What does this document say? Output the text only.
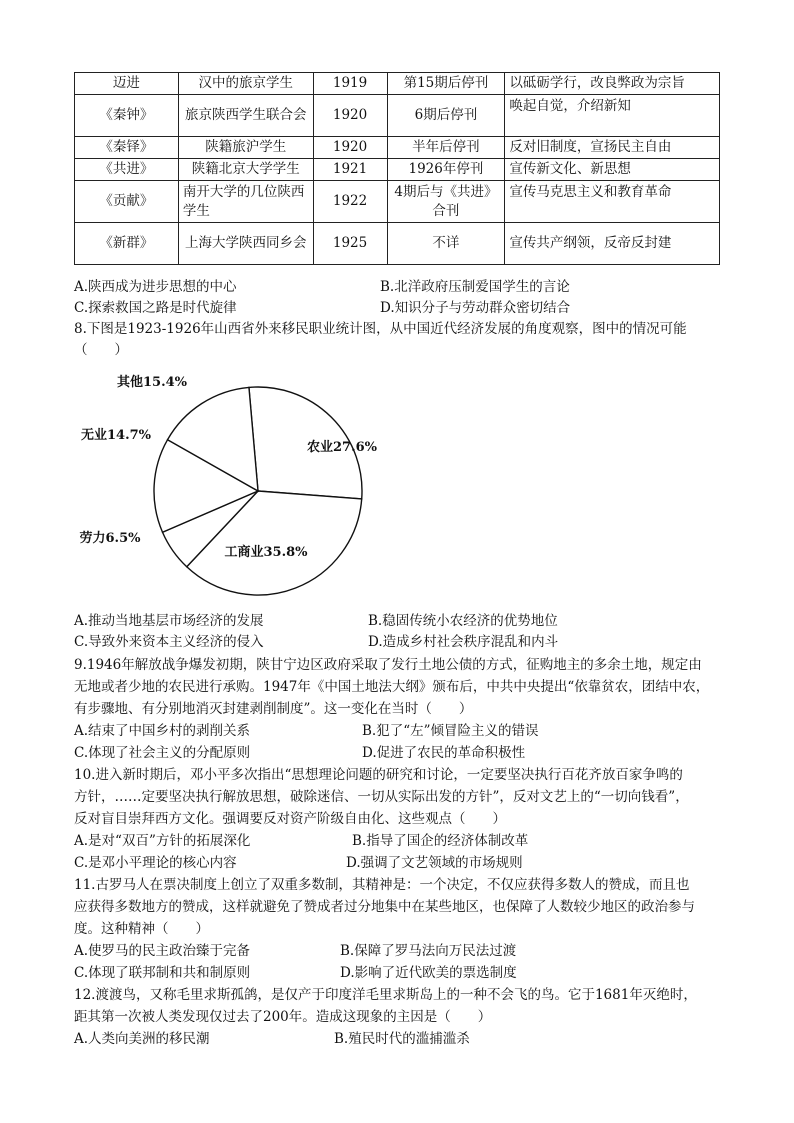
迈进	汉中的旅京学生	1919	第15期后停刊	以砥砺学行，改良弊政为宗旨
《秦钟》	旅京陕西学生联合会	1920	6期后停刊	唤起自觉，介绍新知
《秦铎》	陕籍旅沪学生	1920	半年后停刊	反对旧制度，宣扬民主自由
《共进》	陕籍北京大学学生	1921	1926年停刊	宣传新文化、新思想
《贡献》	南开大学的几位陕西学生	1922	4期后与《共进》合刊	宣传马克思主义和教育革命
《新群》	上海大学陕西同乡会	1925	不详	宣传共产纲领，反帝反封建
A.陕西成为进步思想的中心	B.北洋政府压制爱国学生的言论
C.探索救国之路是时代旋律	D.知识分子与劳动群众密切结合
8.下图是1923-1926年山西省外来移民职业统计图，从中国近代经济发展的角度观察，图中的情况可能
（　　）
农业27.6%
工商业35.8%
劳力6.5%
无业14.7%
其他15.4%
A.推动当地基层市场经济的发展	B.稳固传统小农经济的优势地位
C.导致外来资本主义经济的侵入	D.造成乡村社会秩序混乱和内斗
9.1946年解放战争爆发初期，陕甘宁边区政府采取了发行土地公债的方式，征购地主的多余土地，规定由
无地或者少地的农民进行承购。1947年《中国土地法大纲》颁布后，中共中央提出“依靠贫农，团结中农，
有步骤地、有分别地消灭封建剥削制度”。这一变化在当时（　　）
A.结束了中国乡村的剥削关系	B.犯了“左”倾冒险主义的错误
C.体现了社会主义的分配原则	D.促进了农民的革命积极性
10.进入新时期后，邓小平多次指出“思想理论问题的研究和讨论，一定要坚决执行百花齐放百家争鸣的
方针，……定要坚决执行解放思想，破除迷信、一切从实际出发的方针”，反对文艺上的“一切向钱看”，
反对盲目崇拜西方文化。强调要反对资产阶级自由化、这些观点（　　）
A.是对“双百”方针的拓展深化	B.指导了国企的经济体制改革
C.是邓小平理论的核心内容	D.强调了文艺领域的市场规则
11.古罗马人在票决制度上创立了双重多数制，其精神是：一个决定，不仅应获得多数人的赞成，而且也
应获得多数地方的赞成，这样就避免了赞成者过分地集中在某些地区，也保障了人数较少地区的政治参与
度。这种精神（　　）
A.使罗马的民主政治臻于完备	B.保障了罗马法向万民法过渡
C.体现了联邦制和共和制原则	D.影响了近代欧美的票选制度
12.渡渡鸟，又称毛里求斯孤鸽，是仅产于印度洋毛里求斯岛上的一种不会飞的鸟。它于1681年灭绝时，
距其第一次被人类发现仅过去了200年。造成这现象的主因是（　　）
A.人类向美洲的移民潮	B.殖民时代的滥捕滥杀
